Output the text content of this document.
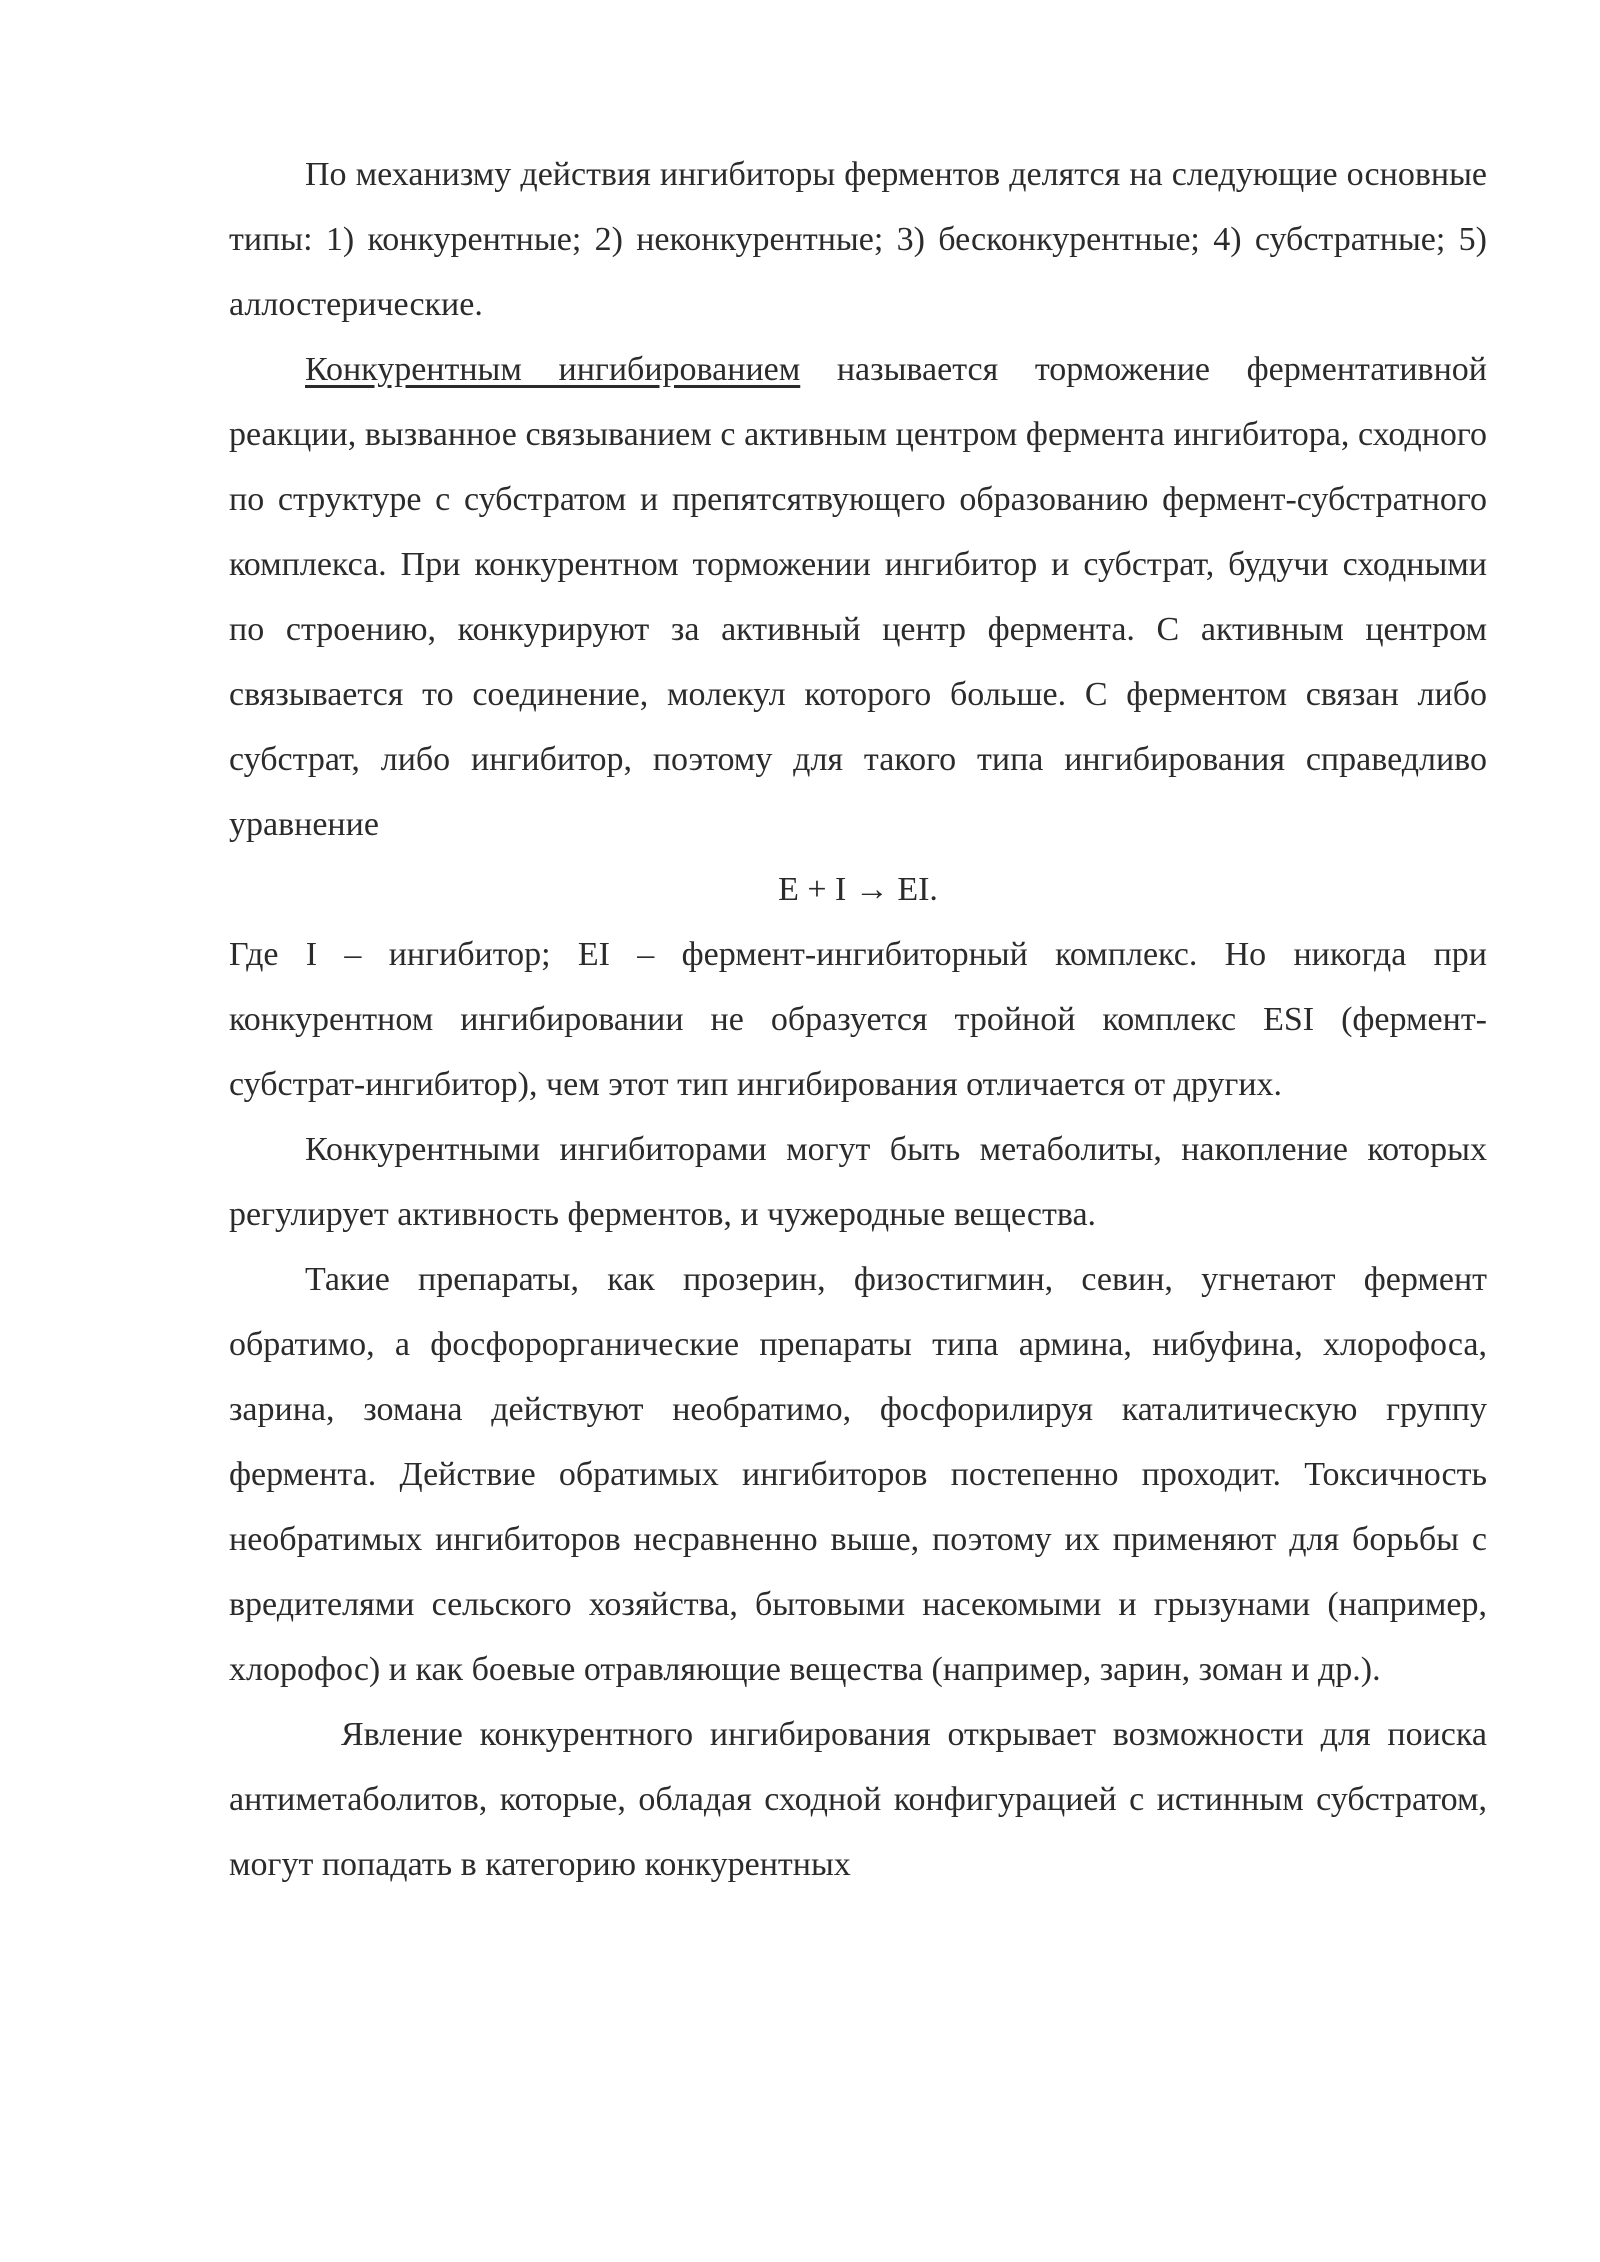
По механизму действия ингибиторы ферментов делятся на следующие основные типы: 1) конкурентные; 2) неконкурентные; 3) бесконкурентные; 4) субстратные; 5) аллостерические.

Конкурентным ингибированием называется торможение ферментативной реакции, вызванное связыванием с активным центром фермента ингибитора, сходного по структуре с субстратом и препятсятвующего образованию фермент-субстратного комплекса. При конкурентном торможении ингибитор и субстрат, будучи сходными по строению, конкурируют за активный центр фермента. С активным центром связывается то соединение, молекул которого больше. С ферментом связан либо субстрат, либо ингибитор, поэтому для такого типа ингибирования справедливо уравнение

E + I → EI.

Где I – ингибитор; EI – фермент-ингибиторный комплекс. Но никогда при конкурентном ингибировании не образуется тройной комплекс ESI (фермент-субстрат-ингибитор), чем этот тип ингибирования отличается от других.

Конкурентными ингибиторами могут быть метаболиты, накопление которых регулирует активность ферментов, и чужеродные вещества.

Такие препараты, как прозерин, физостигмин, севин, угнетают фермент обратимо, а фосфорорганические препараты типа армина, нибуфина, хлорофоса, зарина, зомана действуют необратимо, фосфорилируя каталитическую группу фермента. Действие обратимых ингибиторов постепенно проходит. Токсичность необратимых ингибиторов несравненно выше, поэтому их применяют для борьбы с вредителями сельского хозяйства, бытовыми насекомыми и грызунами (например, хлорофос) и как боевые отравляющие вещества (например, зарин, зоман и др.).

Явление конкурентного ингибирования открывает возможности для поиска антиметаболитов, которые, обладая сходной конфигурацией с истинным субстратом, могут попадать в категорию конкурентных
